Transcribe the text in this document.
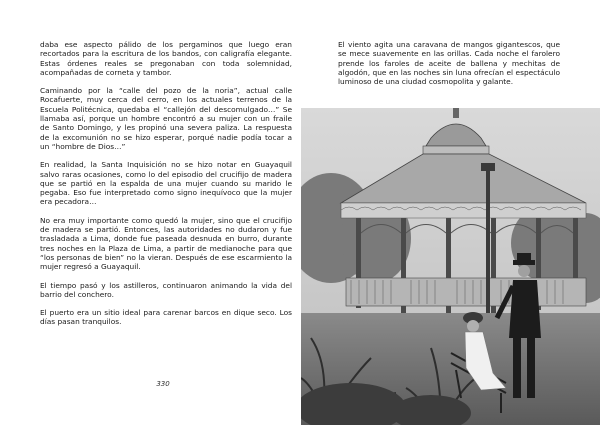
daba ese aspecto pálido de los pergaminos que luego eran recortados para la escritura de los bandos, con caligrafía elegante. Estas órdenes reales se pregonaban con toda solemnidad, acompañadas de corneta y tambor.

Caminando por la “calle del pozo de la noria”, actual calle Rocafuerte, muy cerca del cerro, en los actuales terrenos de la Escuela Politécnica, quedaba el “callejón del descomulgado…” Se llamaba así, porque un hombre encontró a su mujer con un fraile de Santo Domingo, y les propinó una severa paliza. La respuesta de la excomunión no se hizo esperar, porqué nadie podía tocar a un “hombre de Dios…”

En realidad, la Santa Inquisición no se hizo notar en Guayaquil salvo raras ocasiones, como lo del episodio del crucifijo de madera que se partió en la espalda de una mujer cuando su marido le pegaba. Eso fue interpretado como signo inequívoco que la mujer era pecadora…

No era muy importante como quedó la mujer, sino que el crucifijo de madera se partió. Entonces, las autoridades no dudaron y fue trasladada a Lima, donde fue paseada desnuda en burro, durante tres noches en la Plaza de Lima, a partir de medianoche para que “los personas de bien” no la vieran. Después de ese escarmiento la mujer regresó a Guayaquil.

El tiempo pasó y los astilleros, continuaron animando la vida del barrio del conchero.

El puerto era un sitio ideal para carenar barcos en dique seco. Los días pasan tranquilos.

330

El viento agita una caravana de mangos gigantescos, que se mece suavemente en las orillas. Cada noche el farolero prende los faroles de aceite de ballena y mechitas de algodón, que en las noches sin luna ofrecían el espectáculo luminoso de una ciudad cosmopolita y galante.
